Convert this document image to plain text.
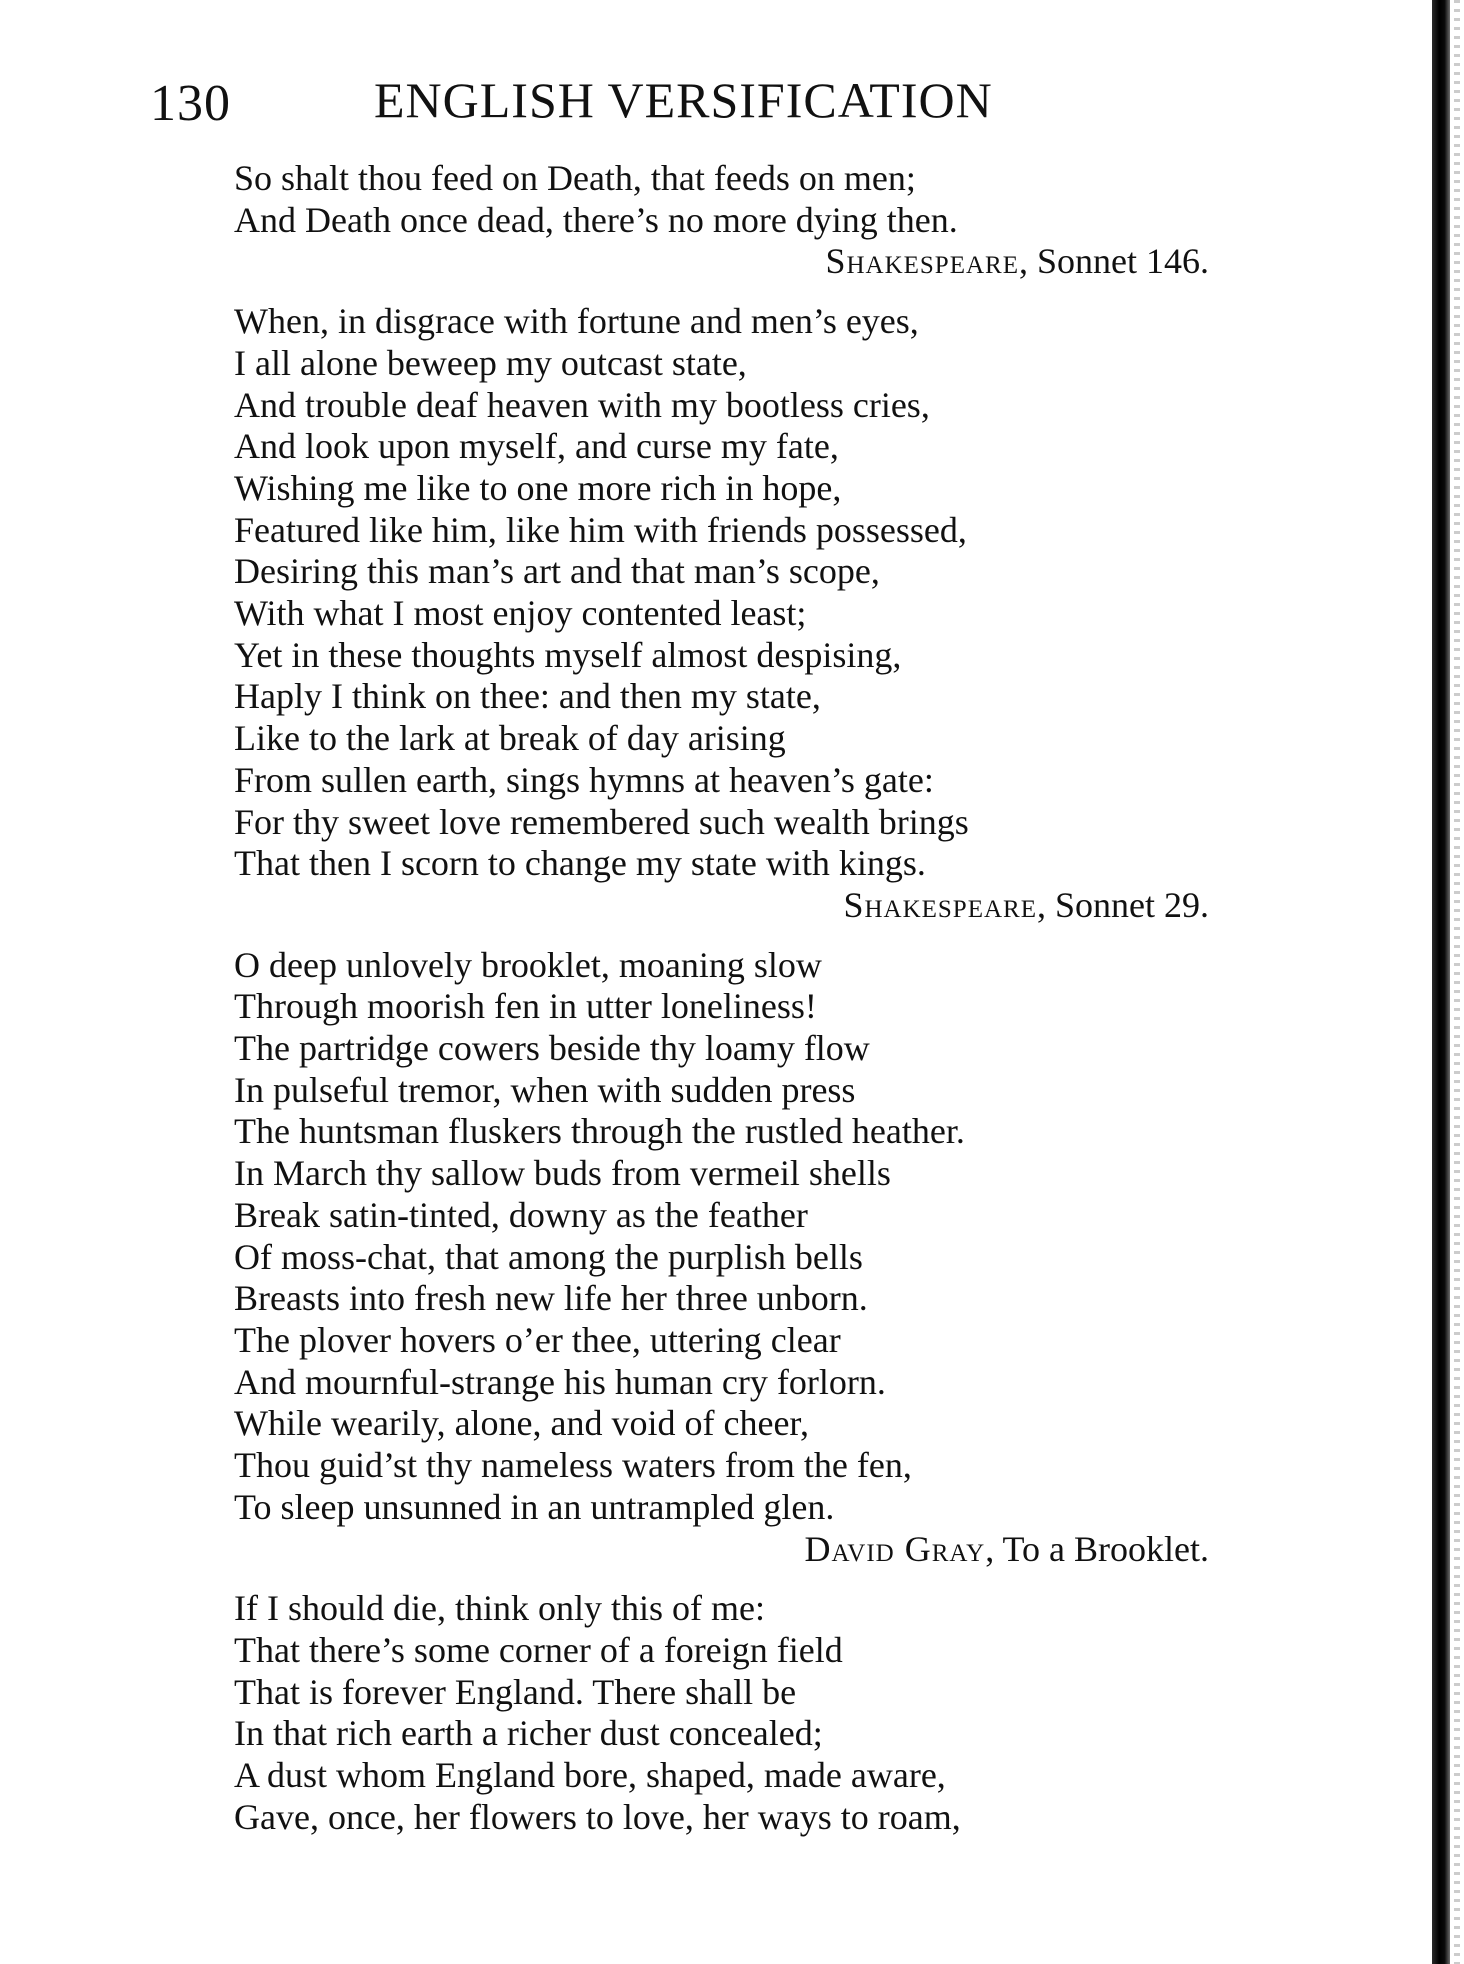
130	ENGLISH VERSIFICATION
So shalt thou feed on Death, that feeds on men;
And Death once dead, there’s no more dying then.
Shakespeare, Sonnet 146.
When, in disgrace with fortune and men’s eyes,
I all alone beweep my outcast state,
And trouble deaf heaven with my bootless cries,
And look upon myself, and curse my fate,
Wishing me like to one more rich in hope,
Featured like him, like him with friends possessed,
Desiring this man’s art and that man’s scope,
With what I most enjoy contented least;
Yet in these thoughts myself almost despising,
Haply I think on thee: and then my state,
Like to the lark at break of day arising
From sullen earth, sings hymns at heaven’s gate:
For thy sweet love remembered such wealth brings
That then I scorn to change my state with kings.
Shakespeare, Sonnet 29.
O deep unlovely brooklet, moaning slow
Through moorish fen in utter loneliness!
The partridge cowers beside thy loamy flow
In pulseful tremor, when with sudden press
The huntsman fluskers through the rustled heather.
In March thy sallow buds from vermeil shells
Break satin-tinted, downy as the feather
Of moss-chat, that among the purplish bells
Breasts into fresh new life her three unborn.
The plover hovers o’er thee, uttering clear
And mournful-strange his human cry forlorn.
While wearily, alone, and void of cheer,
Thou guid’st thy nameless waters from the fen,
To sleep unsunned in an untrampled glen.
David Gray, To a Brooklet.
If I should die, think only this of me:
That there’s some corner of a foreign field
That is forever England. There shall be
In that rich earth a richer dust concealed;
A dust whom England bore, shaped, made aware,
Gave, once, her flowers to love, her ways to roam,
